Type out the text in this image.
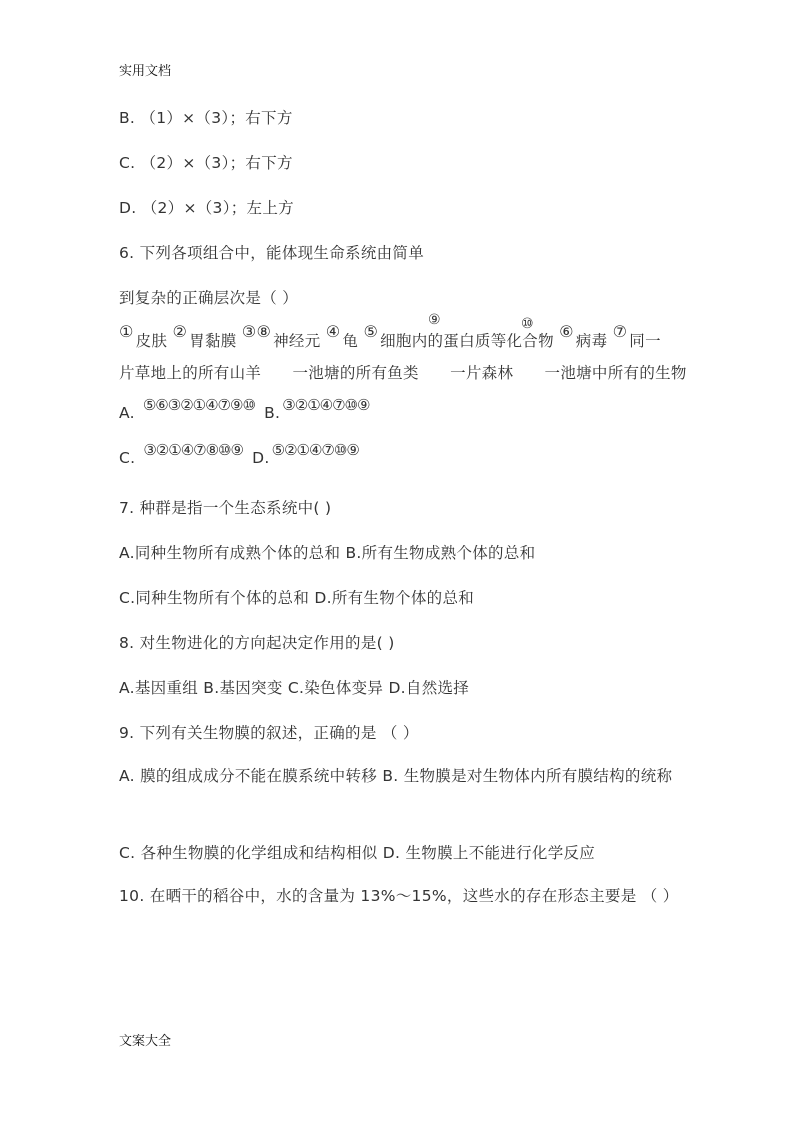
实用文档
B. （1）×（3）；右下方
C. （2）×（3）；右下方
D. （2）×（3）；左上方
6. 下列各项组合中，能体现生命系统由简单
到复杂的正确层次是（ ）
① 皮肤 ② 胃黏膜 ③⑧ 神经元 ④ 龟 ⑤ 细胞内的蛋白质等化合物 ⑥ 病毒 ⑦ 同一
⑨	⑩
片草地上的所有山羊 一池塘的所有鱼类 一片森林 一池塘中所有的生物
A. ⑤⑥③②①④⑦⑨⑩ B. ③②①④⑦⑩⑨
C. ③②①④⑦⑧⑩⑨ D. ⑤②①④⑦⑩⑨
7. 种群是指一个生态系统中( )
A.同种生物所有成熟个体的总和 B.所有生物成熟个体的总和
C.同种生物所有个体的总和 D.所有生物个体的总和
8. 对生物进化的方向起决定作用的是( )
A.基因重组 B.基因突变 C.染色体变异 D.自然选择
9. 下列有关生物膜的叙述，正确的是 （ ）
A. 膜的组成成分不能在膜系统中转移 B. 生物膜是对生物体内所有膜结构的统称
C. 各种生物膜的化学组成和结构相似 D. 生物膜上不能进行化学反应
10. 在晒干的稻谷中，水的含量为 13%～15%，这些水的存在形态主要是 （ ）
文案大全
